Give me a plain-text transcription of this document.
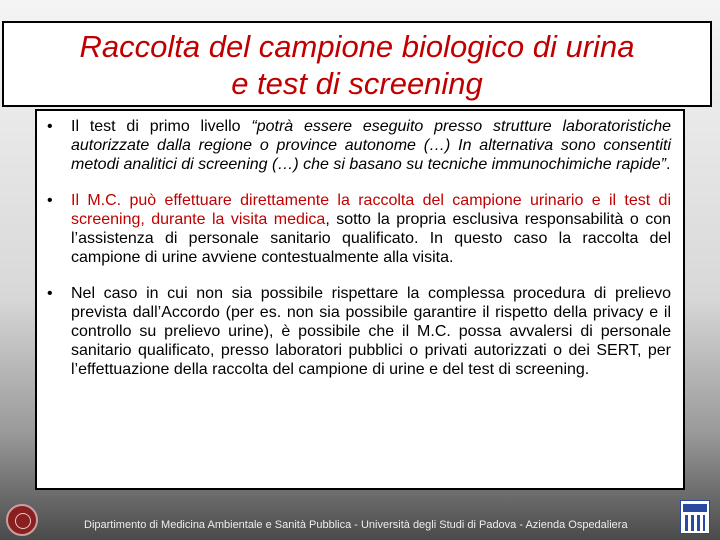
Raccolta del campione biologico di urina
e test di screening
•	Il test di primo livello “potrà essere eseguito presso strutture laboratoristiche autorizzate dalla regione o province autonome (…) In alternativa sono consentiti metodi analitici di screening (…) che si basano su tecniche immunochimiche rapide”.
•	Il M.C. può effettuare direttamente la raccolta del campione urinario e il test di screening, durante la visita medica, sotto la propria esclusiva responsabilità o con l’assistenza di personale sanitario qualificato. In questo caso la raccolta del campione di urine avviene contestualmente alla visita.
•	Nel caso in cui non sia possibile rispettare la complessa procedura di prelievo prevista dall’Accordo (per es. non sia possibile garantire il rispetto della privacy e il controllo su prelievo urine), è possibile che il M.C. possa avvalersi di personale sanitario qualificato, presso laboratori pubblici o privati autorizzati o dei SERT, per l’effettuazione della raccolta del campione di urine e del test di screening.
Dipartimento di Medicina Ambientale e Sanità Pubblica - Università degli Studi di Padova - Azienda Ospedaliera
